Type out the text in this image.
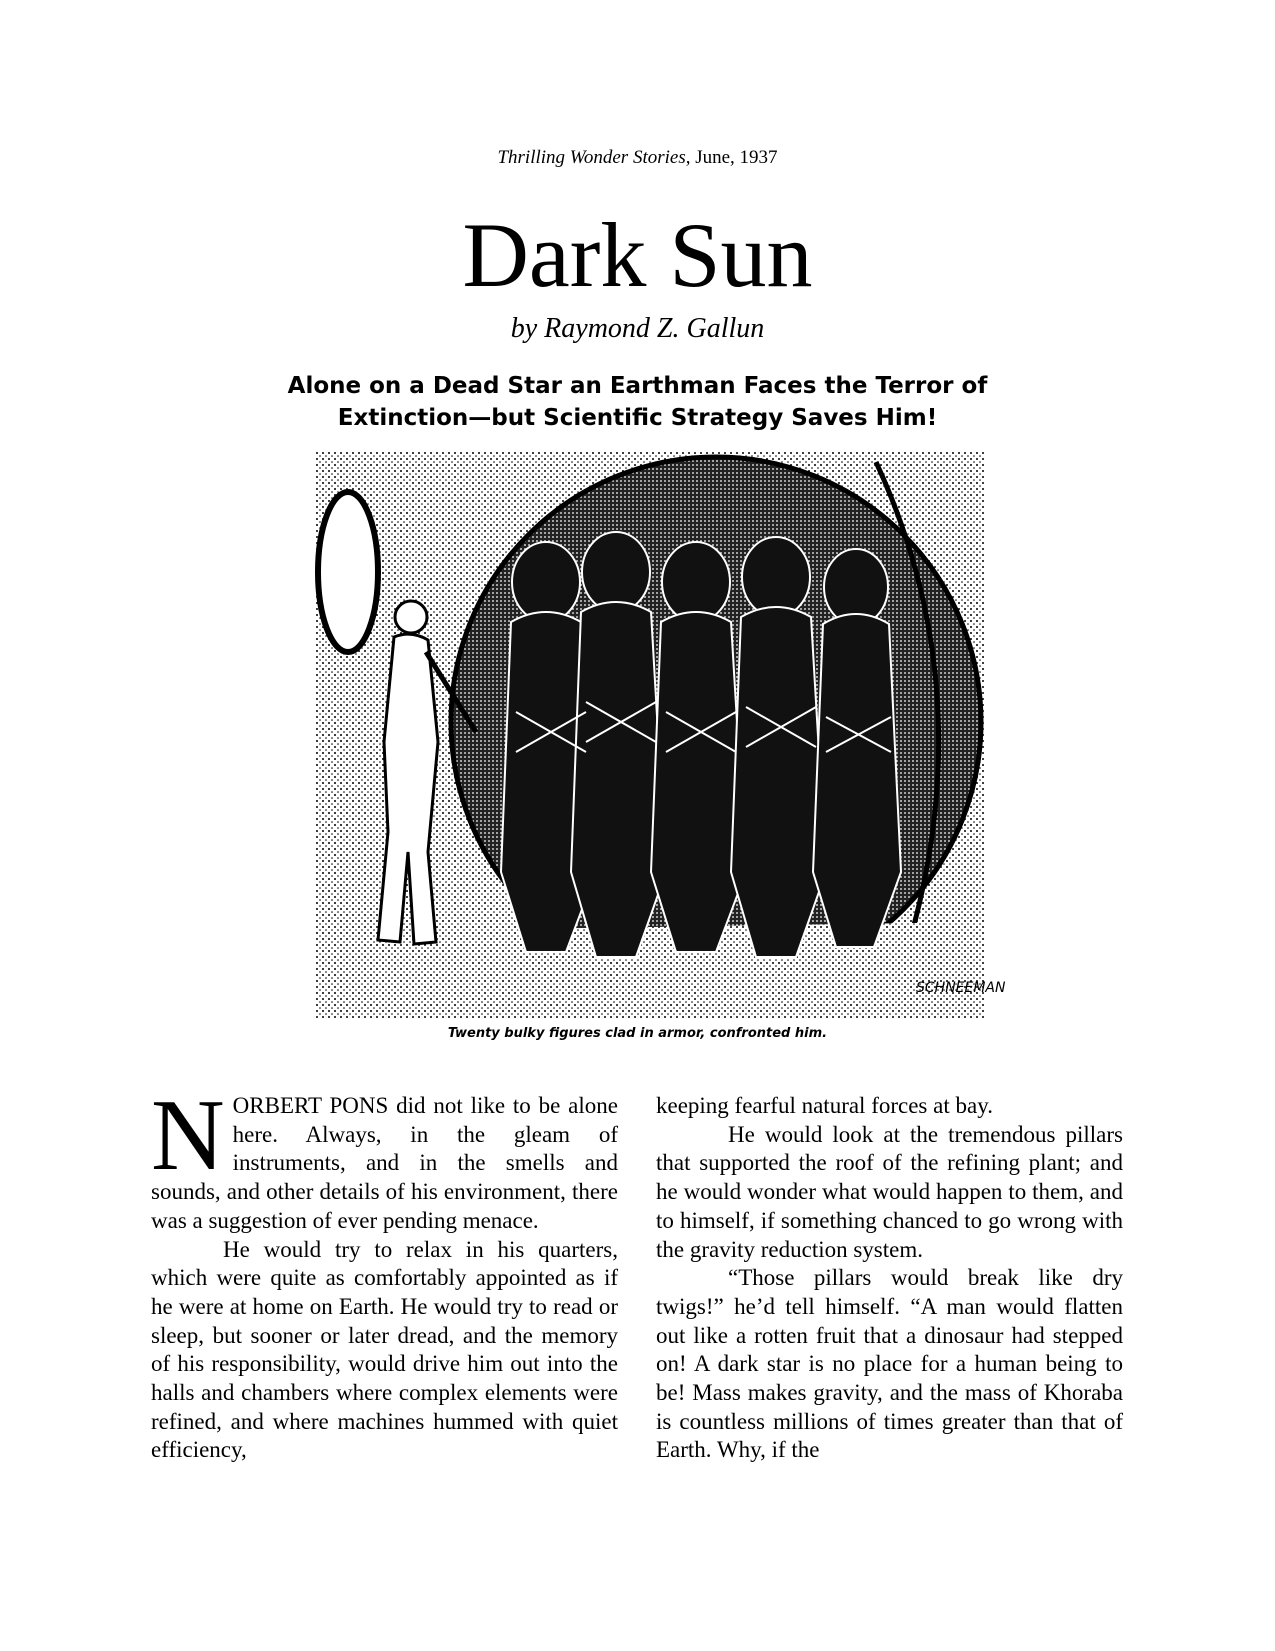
Thrilling Wonder Stories, June, 1937
Dark Sun
by Raymond Z. Gallun
Alone on a Dead Star an Earthman Faces the Terror of
Extinction—but Scientific Strategy Saves Him!
SCHNEEMAN
Twenty bulky figures clad in armor, confronted him.

NORBERT PONS did not like to be alone here. Always, in the gleam of instruments, and in the smells and sounds, and other details of his environment, there was a suggestion of ever pending menace.

He would try to relax in his quarters, which were quite as comfortably appointed as if he were at home on Earth. He would try to read or sleep, but sooner or later dread, and the memory of his responsibility, would drive him out into the halls and chambers where complex elements were refined, and where machines hummed with quiet efficiency,

keeping fearful natural forces at bay.

He would look at the tremendous pillars that supported the roof of the refining plant; and he would wonder what would happen to them, and to himself, if something chanced to go wrong with the gravity reduction system.

“Those pillars would break like dry twigs!” he’d tell himself. “A man would flatten out like a rotten fruit that a dinosaur had stepped on! A dark star is no place for a human being to be! Mass makes gravity, and the mass of Khoraba is countless millions of times greater than that of Earth. Why, if the
